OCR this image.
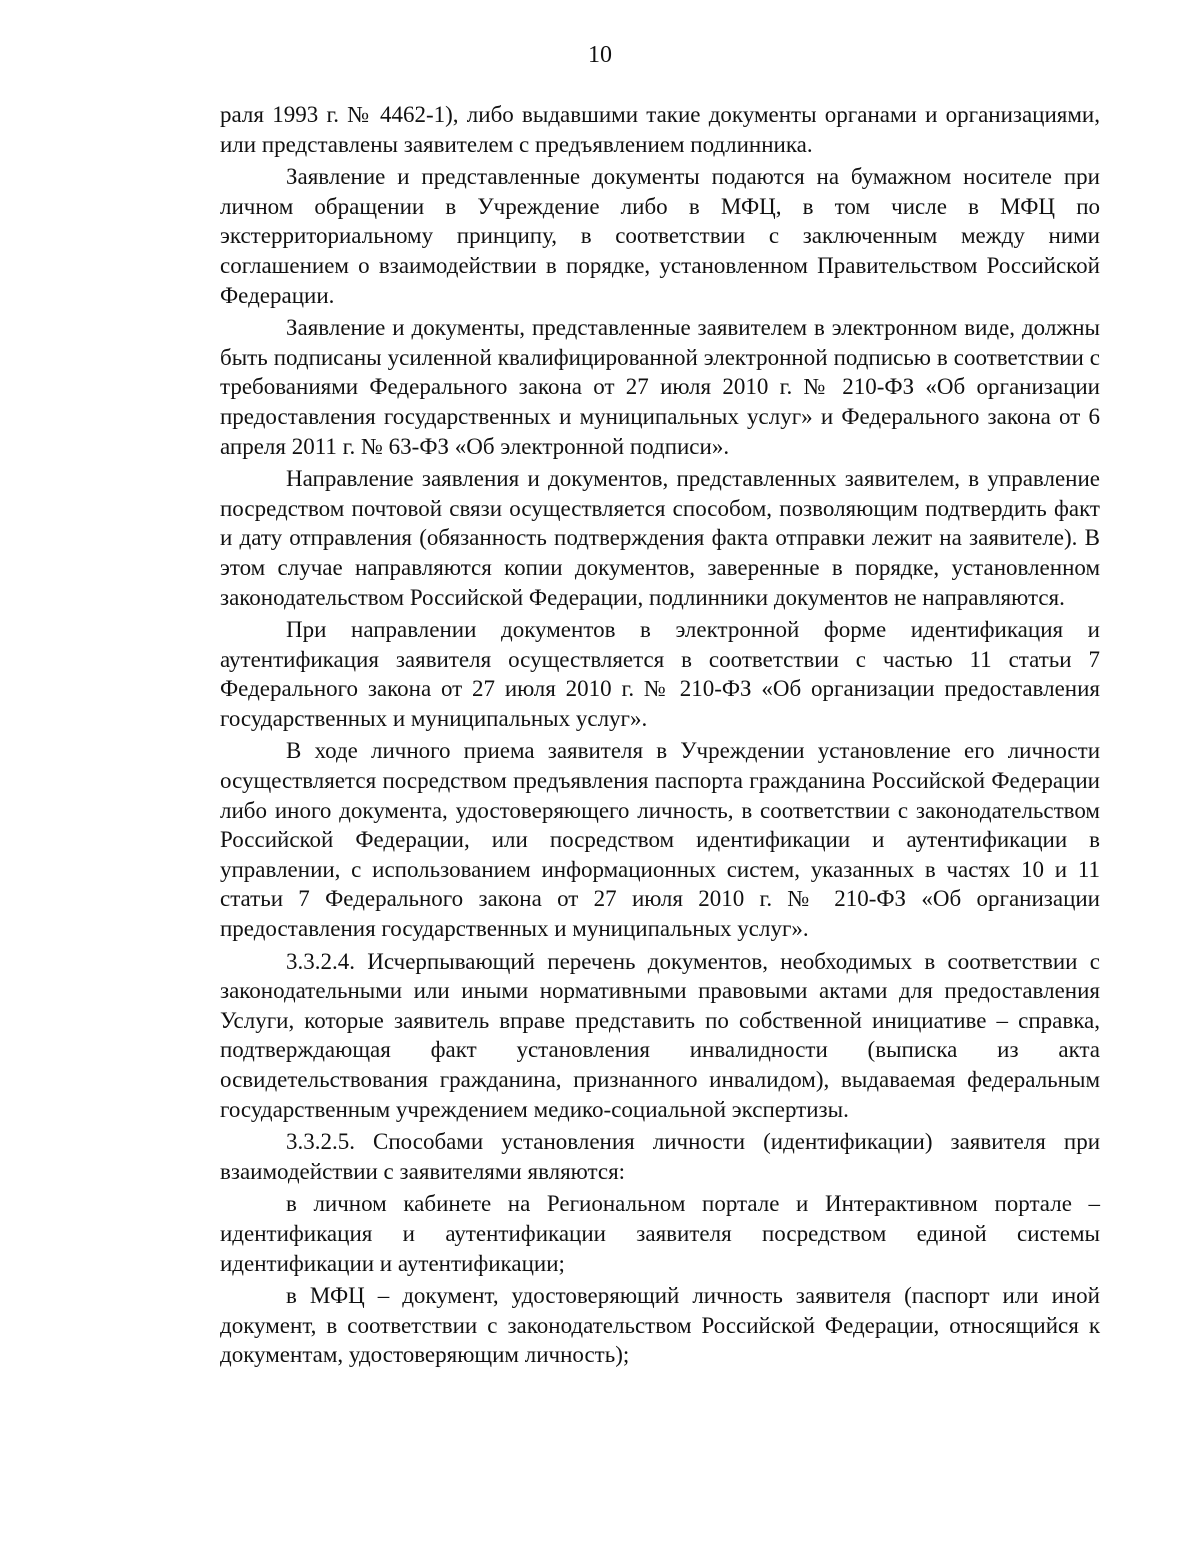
10

раля 1993 г. № 4462-1), либо выдавшими такие документы органами и организациями, или представлены заявителем с предъявлением подлинника.

Заявление и представленные документы подаются на бумажном носителе при личном обращении в Учреждение либо в МФЦ, в том числе в МФЦ по экстерриториальному принципу, в соответствии с заключенным между ними соглашением о взаимодействии в порядке, установленном Правительством Российской Федерации.

Заявление и документы, представленные заявителем в электронном виде, должны быть подписаны усиленной квалифицированной электронной подписью в соответствии с требованиями Федерального закона от 27 июля 2010 г. № 210-ФЗ «Об организации предоставления государственных и муниципальных услуг» и Федерального закона от 6 апреля 2011 г. № 63-ФЗ «Об электронной подписи».

Направление заявления и документов, представленных заявителем, в управление посредством почтовой связи осуществляется способом, позволяющим подтвердить факт и дату отправления (обязанность подтверждения факта отправки лежит на заявителе). В этом случае направляются копии документов, заверенные в порядке, установленном законодательством Российской Федерации, подлинники документов не направляются.

При направлении документов в электронной форме идентификация и аутентификация заявителя осуществляется в соответствии с частью 11 статьи 7 Федерального закона от 27 июля 2010 г. № 210-ФЗ «Об организации предоставления государственных и муниципальных услуг».

В ходе личного приема заявителя в Учреждении установление его личности осуществляется посредством предъявления паспорта гражданина Российской Федерации либо иного документа, удостоверяющего личность, в соответствии с законодательством Российской Федерации, или посредством идентификации и аутентификации в управлении, с использованием информационных систем, указанных в частях 10 и 11 статьи 7 Федерального закона от 27 июля 2010 г. № 210-ФЗ «Об организации предоставления государственных и муниципальных услуг».

3.3.2.4. Исчерпывающий перечень документов, необходимых в соответствии с законодательными или иными нормативными правовыми актами для предоставления Услуги, которые заявитель вправе представить по собственной инициативе – справка, подтверждающая факт установления инвалидности (выписка из акта освидетельствования гражданина, признанного инвалидом), выдаваемая федеральным государственным учреждением медико-социальной экспертизы.

3.3.2.5. Способами установления личности (идентификации) заявителя при взаимодействии с заявителями являются:

в личном кабинете на Региональном портале и Интерактивном портале – идентификация и аутентификации заявителя посредством единой системы идентификации и аутентификации;

в МФЦ – документ, удостоверяющий личность заявителя (паспорт или иной документ, в соответствии с законодательством Российской Федерации, относящийся к документам, удостоверяющим личность);
